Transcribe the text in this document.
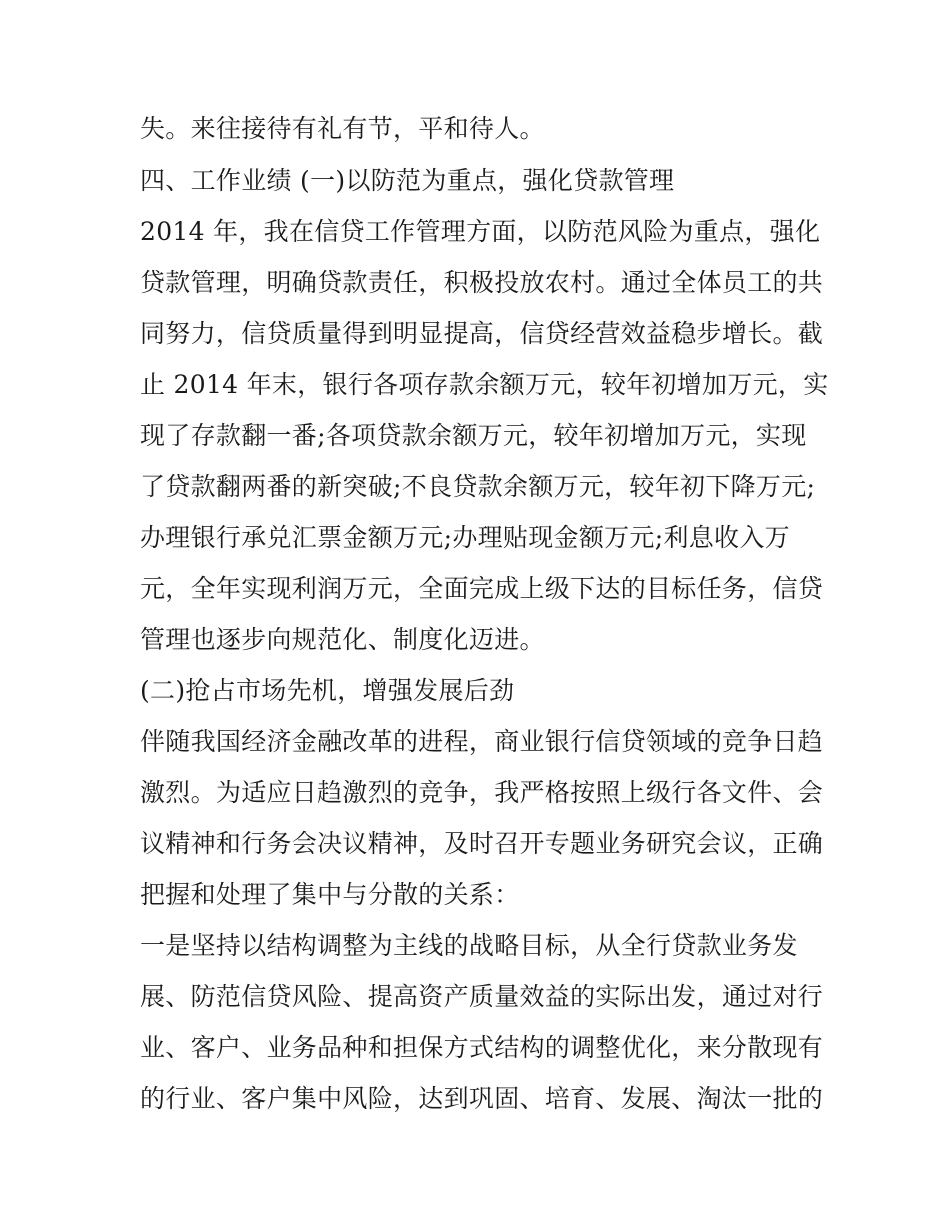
失。来往接待有礼有节，平和待人。
四、工作业绩 (一)以防范为重点，强化贷款管理
2014 年，我在信贷工作管理方面，以防范风险为重点，强化
贷款管理，明确贷款责任，积极投放农村。通过全体员工的共
同努力，信贷质量得到明显提高，信贷经营效益稳步增长。截
止 2014 年末，银行各项存款余额万元，较年初增加万元，实
现了存款翻一番;各项贷款余额万元，较年初增加万元，实现
了贷款翻两番的新突破;不良贷款余额万元，较年初下降万元;
办理银行承兑汇票金额万元;办理贴现金额万元;利息收入万
元，全年实现利润万元，全面完成上级下达的目标任务，信贷
管理也逐步向规范化、制度化迈进。
(二)抢占市场先机，增强发展后劲
伴随我国经济金融改革的进程，商业银行信贷领域的竞争日趋
激烈。为适应日趋激烈的竞争，我严格按照上级行各文件、会
议精神和行务会决议精神，及时召开专题业务研究会议，正确
把握和处理了集中与分散的关系：
一是坚持以结构调整为主线的战略目标，从全行贷款业务发
展、防范信贷风险、提高资产质量效益的实际出发，通过对行
业、客户、业务品种和担保方式结构的调整优化，来分散现有
的行业、客户集中风险，达到巩固、培育、发展、淘汰一批的
